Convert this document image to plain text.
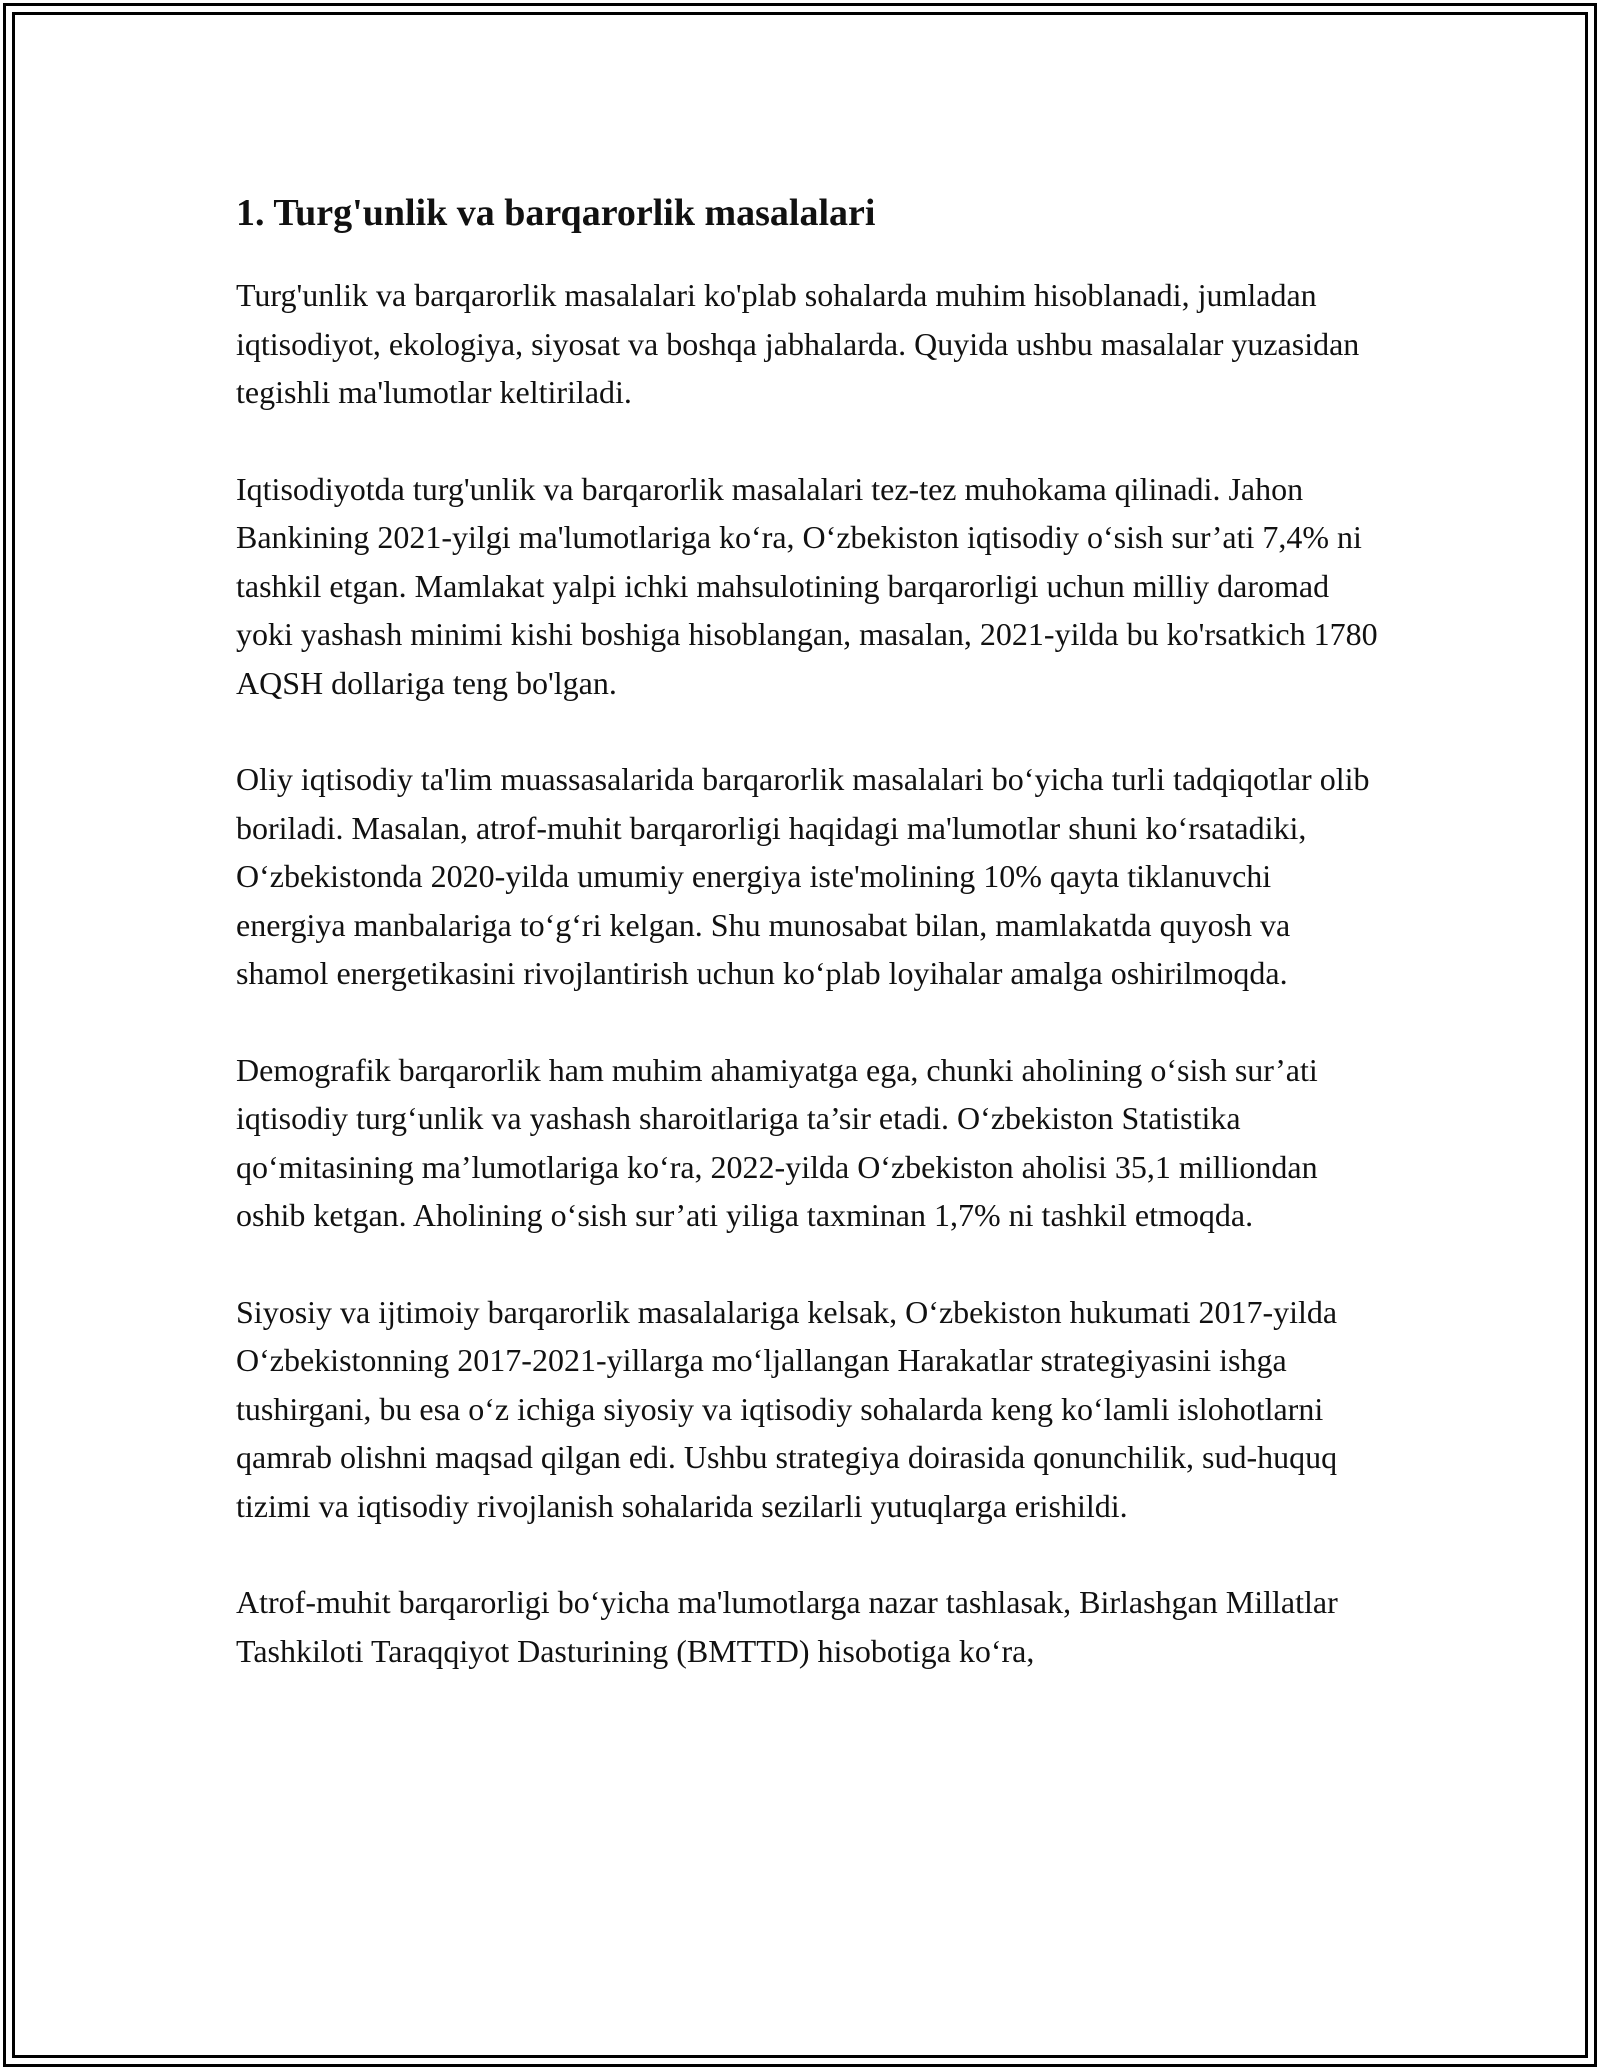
1. Turg'unlik va barqarorlik masalalari

Turg'unlik va barqarorlik masalalari ko'plab sohalarda muhim hisoblanadi, jumladan iqtisodiyot, ekologiya, siyosat va boshqa jabhalarda. Quyida ushbu masalalar yuzasidan tegishli ma'lumotlar keltiriladi.

Iqtisodiyotda turg'unlik va barqarorlik masalalari tez-tez muhokama qilinadi. Jahon Bankining 2021-yilgi ma'lumotlariga ko‘ra, O‘zbekiston iqtisodiy o‘sish sur’ati 7,4% ni tashkil etgan. Mamlakat yalpi ichki mahsulotining barqarorligi uchun milliy daromad yoki yashash minimi kishi boshiga hisoblangan, masalan, 2021-yilda bu ko'rsatkich 1780 AQSH dollariga teng bo'lgan.

Oliy iqtisodiy ta'lim muassasalarida barqarorlik masalalari bo‘yicha turli tadqiqotlar olib boriladi. Masalan, atrof-muhit barqarorligi haqidagi ma'lumotlar shuni ko‘rsatadiki, O‘zbekistonda 2020-yilda umumiy energiya iste'molining 10% qayta tiklanuvchi energiya manbalariga to‘g‘ri kelgan. Shu munosabat bilan, mamlakatda quyosh va shamol energetikasini rivojlantirish uchun ko‘plab loyihalar amalga oshirilmoqda.

Demografik barqarorlik ham muhim ahamiyatga ega, chunki aholining o‘sish sur’ati iqtisodiy turg‘unlik va yashash sharoitlariga ta’sir etadi. O‘zbekiston Statistika qo‘mitasining ma’lumotlariga ko‘ra, 2022-yilda O‘zbekiston aholisi 35,1 milliondan oshib ketgan. Aholining o‘sish sur’ati yiliga taxminan 1,7% ni tashkil etmoqda.

Siyosiy va ijtimoiy barqarorlik masalalariga kelsak, O‘zbekiston hukumati 2017-yilda O‘zbekistonning 2017-2021-yillarga mo‘ljallangan Harakatlar strategiyasini ishga tushirgani, bu esa o‘z ichiga siyosiy va iqtisodiy sohalarda keng ko‘lamli islohotlarni qamrab olishni maqsad qilgan edi. Ushbu strategiya doirasida qonunchilik, sud-huquq tizimi va iqtisodiy rivojlanish sohalarida sezilarli yutuqlarga erishildi.

Atrof-muhit barqarorligi bo‘yicha ma'lumotlarga nazar tashlasak, Birlashgan Millatlar Tashkiloti Taraqqiyot Dasturining (BMTTD) hisobotiga ko‘ra,
